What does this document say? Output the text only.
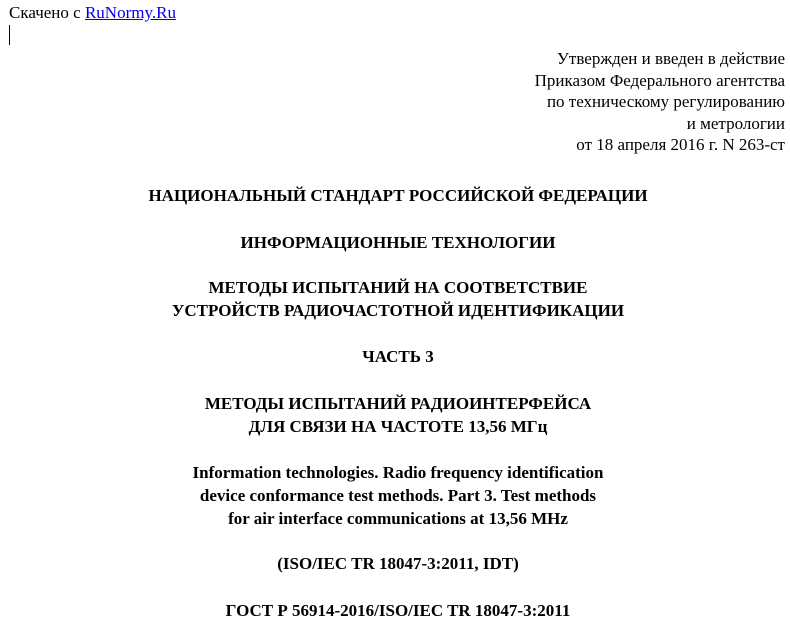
Скачено с RuNormy.Ru
Утвержден и введен в действие
Приказом Федерального агентства
по техническому регулированию
и метрологии
от 18 апреля 2016 г. N 263-ст
НАЦИОНАЛЬНЫЙ СТАНДАРТ РОССИЙСКОЙ ФЕДЕРАЦИИ
ИНФОРМАЦИОННЫЕ ТЕХНОЛОГИИ
МЕТОДЫ ИСПЫТАНИЙ НА СООТВЕТСТВИЕ
УСТРОЙСТВ РАДИОЧАСТОТНОЙ ИДЕНТИФИКАЦИИ
ЧАСТЬ 3
МЕТОДЫ ИСПЫТАНИЙ РАДИОИНТЕРФЕЙСА
ДЛЯ СВЯЗИ НА ЧАСТОТЕ 13,56 МГц
Information technologies. Radio frequency identification
device conformance test methods. Part 3. Test methods
for air interface communications at 13,56 MHz
(ISO/IEC TR 18047-3:2011, IDT)
ГОСТ Р 56914-2016/ISO/IEC TR 18047-3:2011
